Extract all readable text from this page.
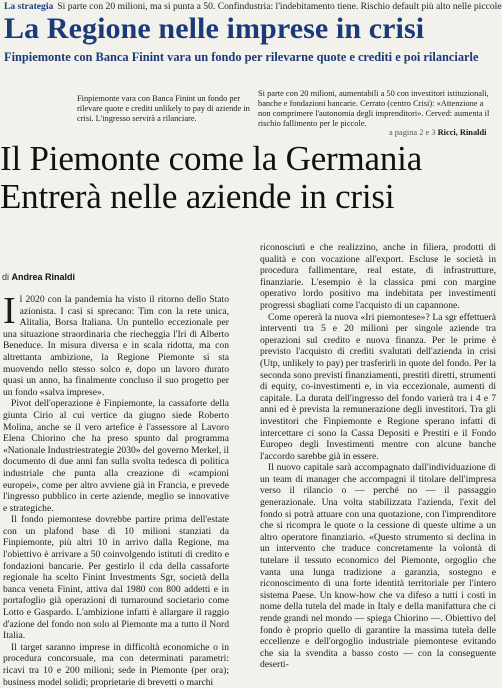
La strategia Si parte con 20 milioni, ma si punta a 50. Confindustria: l'indebitamento tiene. Rischio default più alto nelle piccole
La Regione nelle imprese in crisi
Finpiemonte con Banca Finint vara un fondo per rilevarne quote e crediti e poi rilanciarle
Finpiemonte vara con Banca Finint un fondo per rilevare quote e crediti unlikely to pay di aziende in crisi. L'ingresso servirà a rilanciare.
Si parte con 20 milioni, aumentabili a 50 con investitori istituzionali, banche e fondazioni bancarie. Cerrato (centro Crisi): «Attenzione a non comprimere l'autonomia degli imprenditori». Cerved: aumenta il rischio fallimento per le piccole.
a pagina 2 e 3 Ricci, Rinaldi
Il Piemonte come la Germania
Entrerà nelle aziende in crisi
di Andrea Rinaldi

Il 2020 con la pandemia ha visto il ritorno dello Stato azionista. I casi si sprecano: Tim con la rete unica, Alitalia, Borsa Italiana. Un puntello eccezionale per una situazione straordinaria che riecheggia l'Iri di Alberto Beneduce. In misura diversa e in scala ridotta, ma con altrettanta ambizione, la Regione Piemonte si sta muovendo nello stesso solco e, dopo un lavoro durato quasi un anno, ha finalmente concluso il suo progetto per un fondo «salva imprese».

Pivot dell'operazione è Finpiemonte, la cassaforte della giunta Cirio al cui vertice da giugno siede Roberto Molina, anche se il vero artefice è l'assessore al Lavoro Elena Chiorino che ha preso spunto dal programma «Nationale Industriestrategie 2030» del governo Merkel, il documento di due anni fan sulla svolta tedesca di politica industriale che punta alla creazione di «campioni europei», come per altro avviene già in Francia, e prevede l'ingresso pubblico in certe aziende, meglio se innovative e strategiche.

Il fondo piemontese dovrebbe partire prima dell'estate con un plafond base di 10 milioni stanziati da Finpiemonte, più altri 10 in arrivo dalla Regione, ma l'obiettivo è arrivare a 50 coinvolgendo istituti di credito e fondazioni bancarie. Per gestirlo il cda della cassaforte regionale ha scelto Finint Investments Sgr, società della banca veneta Finint, attiva dal 1980 con 800 addetti e in portafoglio già operazioni di turnaround societario come Lotto e Gaspardo. L'ambizione infatti è allargare il raggio d'azione del fondo non solo al Piemonte ma a tutto il Nord Italia.

Il target saranno imprese in difficoltà economiche o in procedura concorsuale, ma con determinati parametri: ricavi tra 10 e 200 milioni; sede in Piemonte (per ora); business model solidi; proprietarie di brevetti o marchi

riconosciuti e che realizzino, anche in filiera, prodotti di qualità e con vocazione all'export. Escluse le società in procedura fallimentare, real estate, di infrastrutture, finanziarie. L'esempio è la classica pmi con margine operativo lordo positivo ma indebitata per investimenti progressi sbagliati come l'acquisto di un capannone.

Come opererà la nuova «Iri piemontese»? La sgr effettuerà interventi tra 5 e 20 milioni per singole aziende tra operazioni sul credito e nuova finanza. Per le prime è previsto l'acquisto di crediti svalutati dell'azienda in crisi (Utp, unlikely to pay) per trasferirli in quote del fondo. Per la seconda sono previsti finanziamenti, prestiti diretti, strumenti di equity, co-investimenti e, in via eccezionale, aumenti di capitale. La durata dell'ingresso del fondo varierà tra i 4 e 7 anni ed è prevista la remunerazione degli investitori. Tra gli investitori che Finpiemonte e Regione sperano infatti di intercettare ci sono la Cassa Depositi e Prestiti e il Fondo Europeo degli Investimenti mentre con alcune banche l'accordo sarebbe già in essere.

Il nuovo capitale sarà accompagnato dall'individuazione di un team di manager che accompagni il titolare dell'impresa verso il rilancio o — perché no — il passaggio generazionale. Una volta stabilizzata l'azienda, l'exit del fondo si potrà attuare con una quotazione, con l'imprenditore che si ricompra le quote o la cessione di queste ultime a un altro operatore finanziario. «Questo strumento si declina in un intervento che traduce concretamente la volontà di tutelare il tessuto economico del Piemonte, orgoglio che vanta una lunga tradizione a garanzia, sostegno e riconoscimento di una forte identità territoriale per l'intero sistema Paese. Un know-how che va difeso a tutti i costi in nome della tutela del made in Italy e della manifattura che ci rende grandi nel mondo — spiega Chiorino —. Obiettivo del fondo è proprio quello di garantire la massima tutela delle eccellenze e dell'orgoglio industriale piemontese evitando che sia la svendita a basso costo — con la conseguente deserti-
